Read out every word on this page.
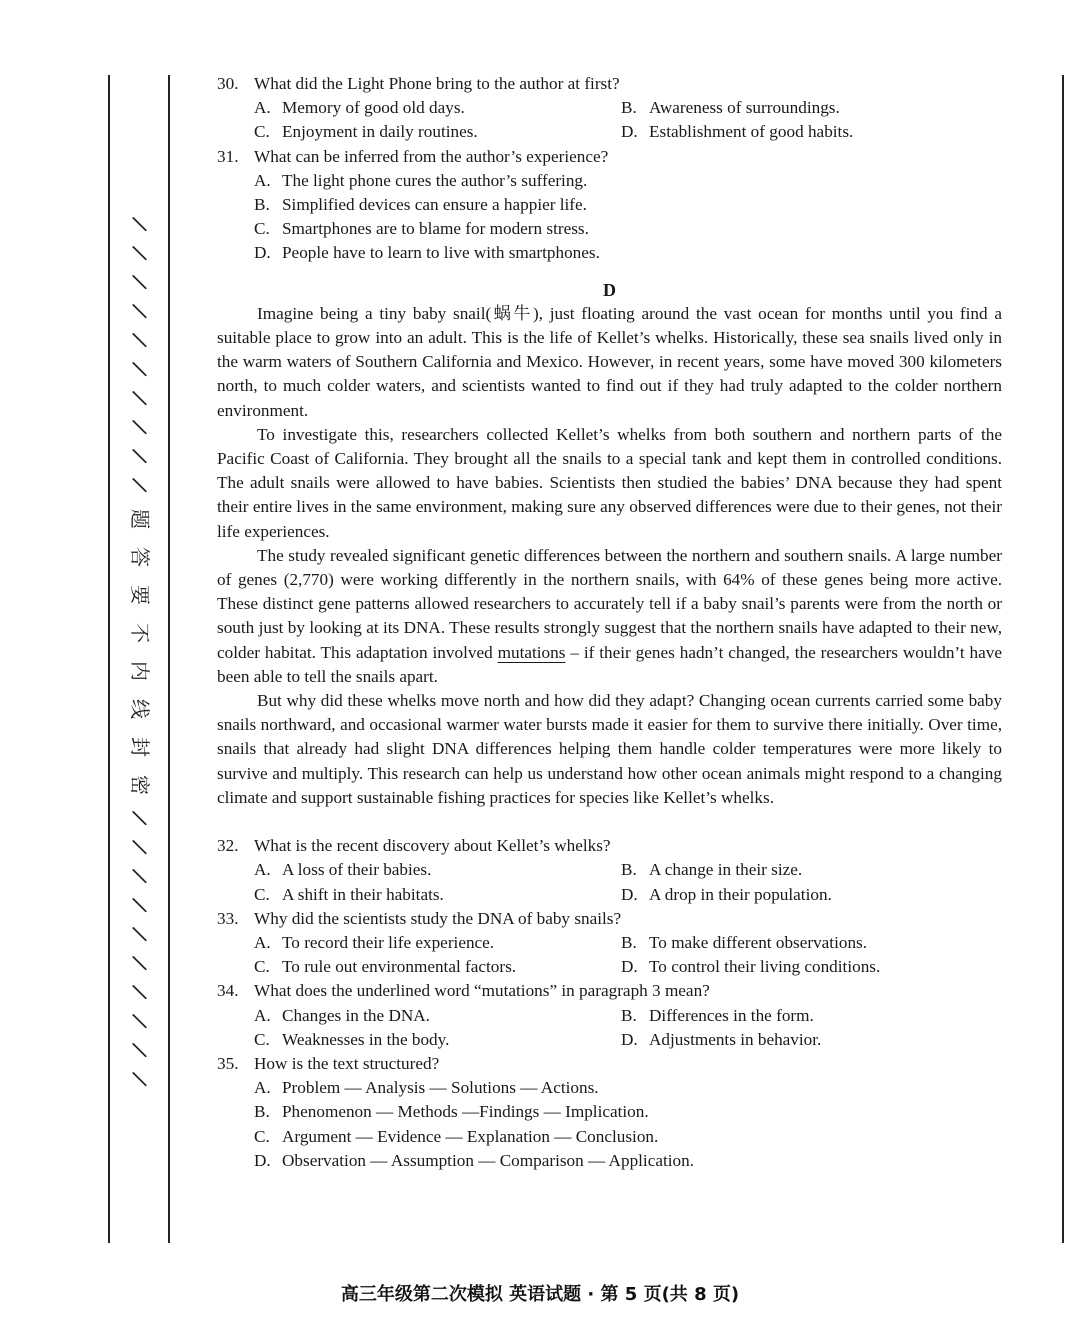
\
\
\
\
\
\
\
\
\
\
题
答
要
不
内
线
封
密
\
\
\
\
\
\
\
\
\
\
30. What did the Light Phone bring to the author at first?
A. Memory of good old days.	B. Awareness of surroundings.
C. Enjoyment in daily routines.	D. Establishment of good habits.
31. What can be inferred from the author’s experience?
A. The light phone cures the author’s suffering.
B. Simplified devices can ensure a happier life.
C. Smartphones are to blame for modern stress.
D. People have to learn to live with smartphones.
D

Imagine being a tiny baby snail(蜗牛), just floating around the vast ocean for months until you find a suitable place to grow into an adult. This is the life of Kellet’s whelks. Historically, these sea snails lived only in the warm waters of Southern California and Mexico. However, in recent years, some have moved 300 kilometers north, to much colder waters, and scientists wanted to find out if they had truly adapted to the colder northern environment.

To investigate this, researchers collected Kellet’s whelks from both southern and northern parts of the Pacific Coast of California. They brought all the snails to a special tank and kept them in controlled conditions. The adult snails were allowed to have babies. Scientists then studied the babies’ DNA because they had spent their entire lives in the same environment, making sure any observed differences were due to their genes, not their life experiences.

The study revealed significant genetic differences between the northern and southern snails. A large number of genes (2,770) were working differently in the northern snails, with 64% of these genes being more active. These distinct gene patterns allowed researchers to accurately tell if a baby snail’s parents were from the north or south just by looking at its DNA. These results strongly suggest that the northern snails have adapted to their new, colder habitat. This adaptation involved mutations – if their genes hadn’t changed, the researchers wouldn’t have been able to tell the snails apart.

But why did these whelks move north and how did they adapt? Changing ocean currents carried some baby snails northward, and occasional warmer water bursts made it easier for them to survive there initially. Over time, snails that already had slight DNA differences helping them handle colder temperatures were more likely to survive and multiply. This research can help us understand how other ocean animals might respond to a changing climate and support sustainable fishing practices for species like Kellet’s whelks.

32. What is the recent discovery about Kellet’s whelks?
A. A loss of their babies.	B. A change in their size.
C. A shift in their habitats.	D. A drop in their population.
33. Why did the scientists study the DNA of baby snails?
A. To record their life experience.	B. To make different observations.
C. To rule out environmental factors.	D. To control their living conditions.
34. What does the underlined word “mutations” in paragraph 3 mean?
A. Changes in the DNA.	B. Differences in the form.
C. Weaknesses in the body.	D. Adjustments in behavior.
35. How is the text structured?
A. Problem — Analysis — Solutions — Actions.
B. Phenomenon — Methods —Findings — Implication.
C. Argument — Evidence — Explanation — Conclusion.
D. Observation — Assumption — Comparison — Application.
高三年级第二次模拟 英语试题 · 第 5 页(共 8 页)
